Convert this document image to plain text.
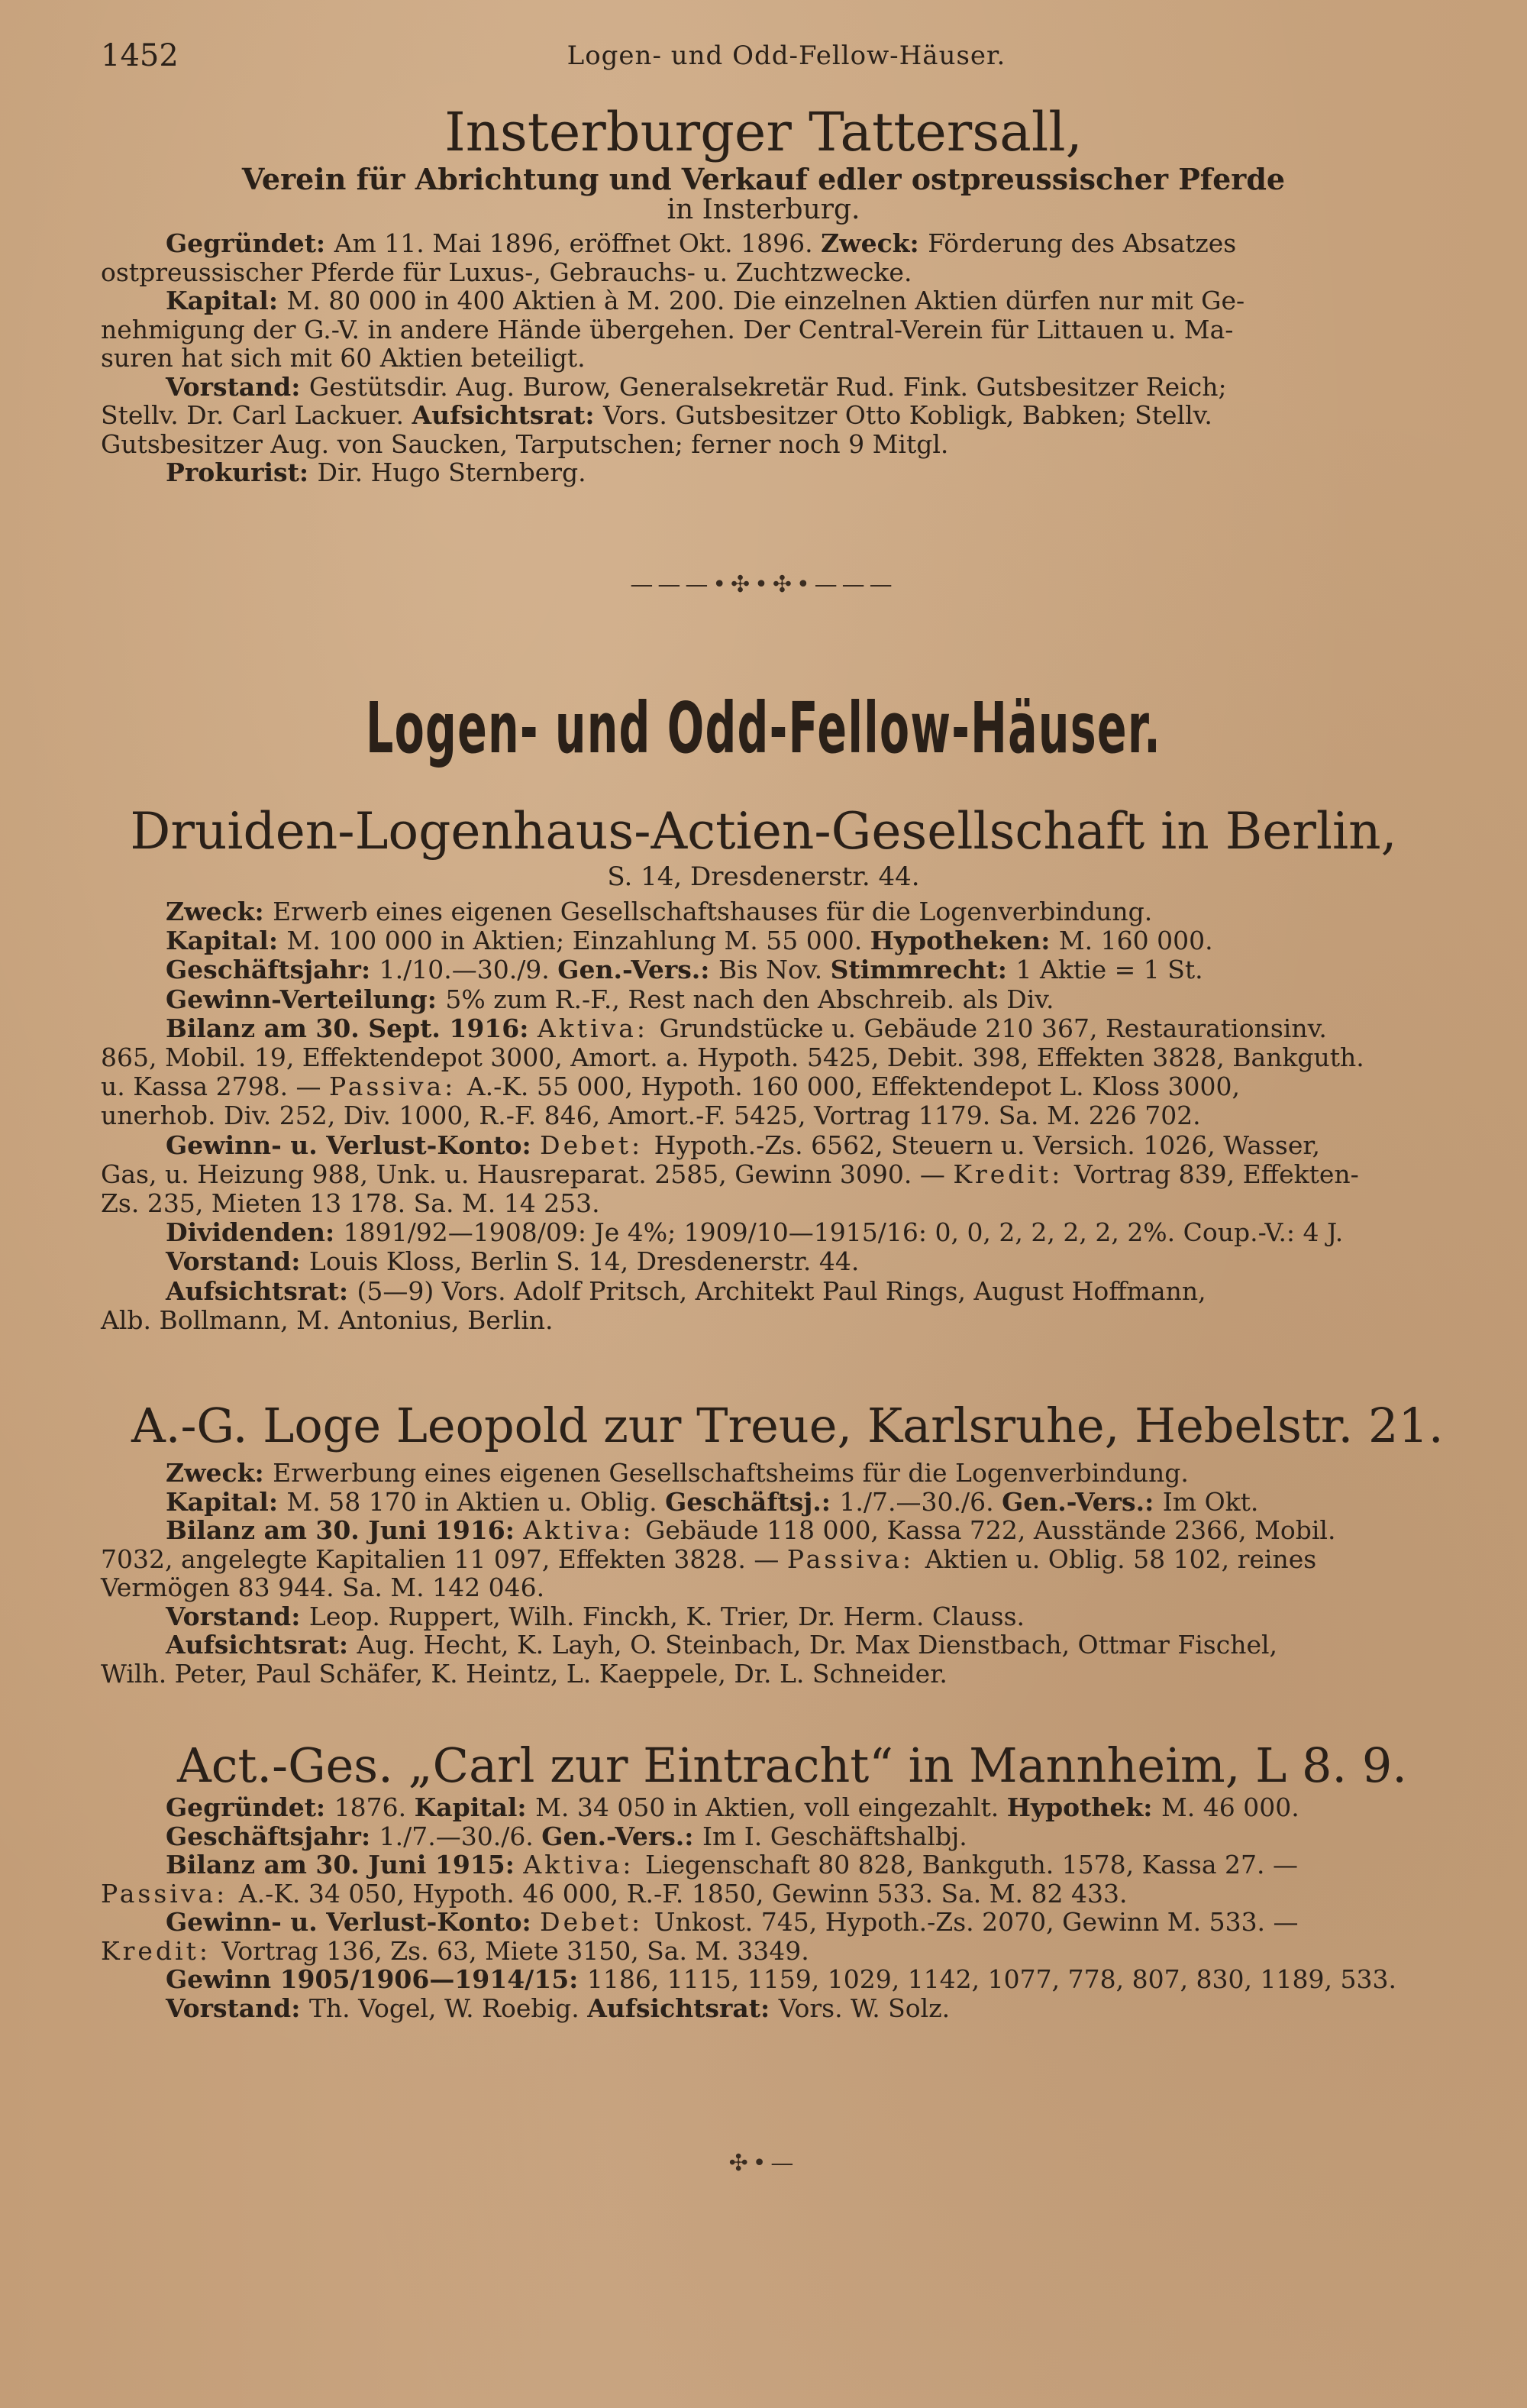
1452	Logen- und Odd-Fellow-Häuser.
Insterburger Tattersall,
Verein für Abrichtung und Verkauf edler ostpreussischer Pferde
in Insterburg.
Gegründet: Am 11. Mai 1896, eröffnet Okt. 1896. Zweck: Förderung des Absatzes
ostpreussischer Pferde für Luxus-, Gebrauchs- u. Zuchtzwecke.
Kapital: M. 80 000 in 400 Aktien à M. 200. Die einzelnen Aktien dürfen nur mit Ge-
nehmigung der G.-V. in andere Hände übergehen. Der Central-Verein für Littauen u. Ma-
suren hat sich mit 60 Aktien beteiligt.
Vorstand: Gestütsdir. Aug. Burow, Generalsekretär Rud. Fink. Gutsbesitzer Reich;
Stellv. Dr. Carl Lackuer. Aufsichtsrat: Vors. Gutsbesitzer Otto Kobligk, Babken; Stellv.
Gutsbesitzer Aug. von Saucken, Tarputschen; ferner noch 9 Mitgl.
Prokurist: Dir. Hugo Sternberg.
———•✣•✣•———
Logen- und Odd-Fellow-Häuser.
Druiden-Logenhaus-Actien-Gesellschaft in Berlin,
S. 14, Dresdenerstr. 44.
Zweck: Erwerb eines eigenen Gesellschaftshauses für die Logenverbindung.
Kapital: M. 100 000 in Aktien; Einzahlung M. 55 000. Hypotheken: M. 160 000.
Geschäftsjahr: 1./10.—30./9. Gen.-Vers.: Bis Nov. Stimmrecht: 1 Aktie = 1 St.
Gewinn-Verteilung: 5% zum R.-F., Rest nach den Abschreib. als Div.
Bilanz am 30. Sept. 1916: Aktiva: Grundstücke u. Gebäude 210 367, Restaurationsinv.
865, Mobil. 19, Effektendepot 3000, Amort. a. Hypoth. 5425, Debit. 398, Effekten 3828, Bankguth.
u. Kassa 2798. — Passiva: A.-K. 55 000, Hypoth. 160 000, Effektendepot L. Kloss 3000,
unerhob. Div. 252, Div. 1000, R.-F. 846, Amort.-F. 5425, Vortrag 1179. Sa. M. 226 702.
Gewinn- u. Verlust-Konto: Debet: Hypoth.-Zs. 6562, Steuern u. Versich. 1026, Wasser,
Gas, u. Heizung 988, Unk. u. Hausreparat. 2585, Gewinn 3090. — Kredit: Vortrag 839, Effekten-
Zs. 235, Mieten 13 178. Sa. M. 14 253.
Dividenden: 1891/92—1908/09: Je 4%; 1909/10—1915/16: 0, 0, 2, 2, 2, 2, 2%. Coup.-V.: 4 J.
Vorstand: Louis Kloss, Berlin S. 14, Dresdenerstr. 44.
Aufsichtsrat: (5—9) Vors. Adolf Pritsch, Architekt Paul Rings, August Hoffmann,
Alb. Bollmann, M. Antonius, Berlin.
A.-G. Loge Leopold zur Treue, Karlsruhe, Hebelstr. 21.
Zweck: Erwerbung eines eigenen Gesellschaftsheims für die Logenverbindung.
Kapital: M. 58 170 in Aktien u. Oblig. Geschäftsj.: 1./7.—30./6. Gen.-Vers.: Im Okt.
Bilanz am 30. Juni 1916: Aktiva: Gebäude 118 000, Kassa 722, Ausstände 2366, Mobil.
7032, angelegte Kapitalien 11 097, Effekten 3828. — Passiva: Aktien u. Oblig. 58 102, reines
Vermögen 83 944. Sa. M. 142 046.
Vorstand: Leop. Ruppert, Wilh. Finckh, K. Trier, Dr. Herm. Clauss.
Aufsichtsrat: Aug. Hecht, K. Layh, O. Steinbach, Dr. Max Dienstbach, Ottmar Fischel,
Wilh. Peter, Paul Schäfer, K. Heintz, L. Kaeppele, Dr. L. Schneider.
Act.-Ges. „Carl zur Eintracht“ in Mannheim, L 8. 9.
Gegründet: 1876. Kapital: M. 34 050 in Aktien, voll eingezahlt. Hypothek: M. 46 000.
Geschäftsjahr: 1./7.—30./6. Gen.-Vers.: Im I. Geschäftshalbj.
Bilanz am 30. Juni 1915: Aktiva: Liegenschaft 80 828, Bankguth. 1578, Kassa 27. —
Passiva: A.-K. 34 050, Hypoth. 46 000, R.-F. 1850, Gewinn 533. Sa. M. 82 433.
Gewinn- u. Verlust-Konto: Debet: Unkost. 745, Hypoth.-Zs. 2070, Gewinn M. 533. —
Kredit: Vortrag 136, Zs. 63, Miete 3150, Sa. M. 3349.
Gewinn 1905/1906—1914/15: 1186, 1115, 1159, 1029, 1142, 1077, 778, 807, 830, 1189, 533.
Vorstand: Th. Vogel, W. Roebig. Aufsichtsrat: Vors. W. Solz.
✣•—
